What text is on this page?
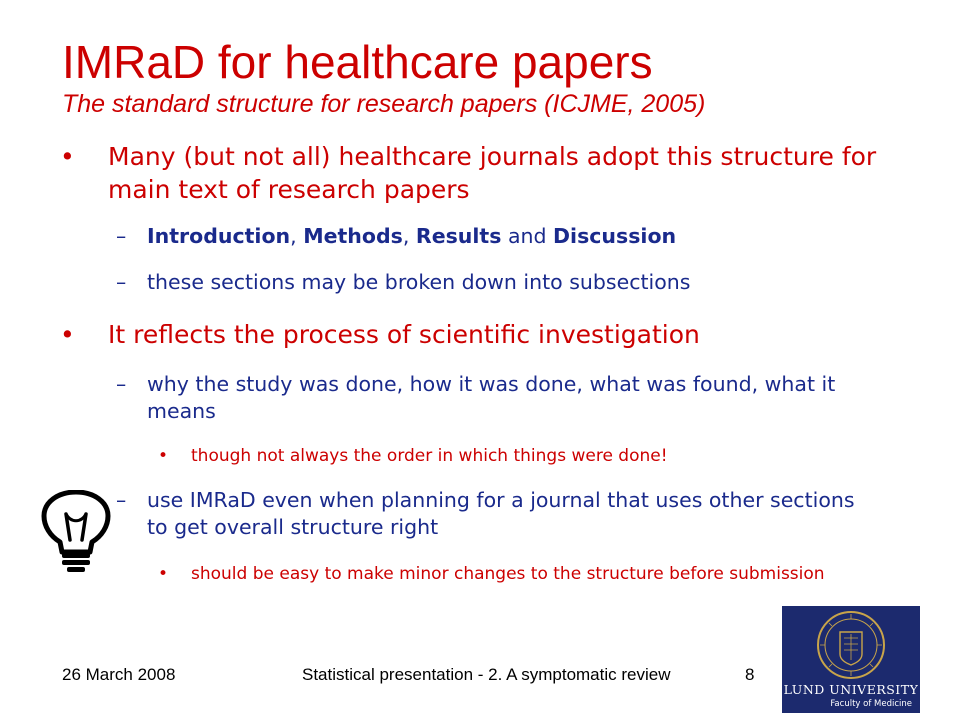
IMRaD for healthcare papers
The standard structure for research papers (ICJME, 2005)
• Many (but not all) healthcare journals adopt this structure for main text of research papers
– Introduction, Methods, Results and Discussion
– these sections may be broken down into subsections
• It reflects the process of scientific investigation
– why the study was done, how it was done, what was found, what it means
• though not always the order in which things were done!
– use IMRaD even when planning for a journal that uses other sections to get overall structure right
• should be easy to make minor changes to the structure before submission
26 March 2008	Statistical presentation - 2. A symptomatic review	8
LUND UNIVERSITY
Faculty of Medicine
